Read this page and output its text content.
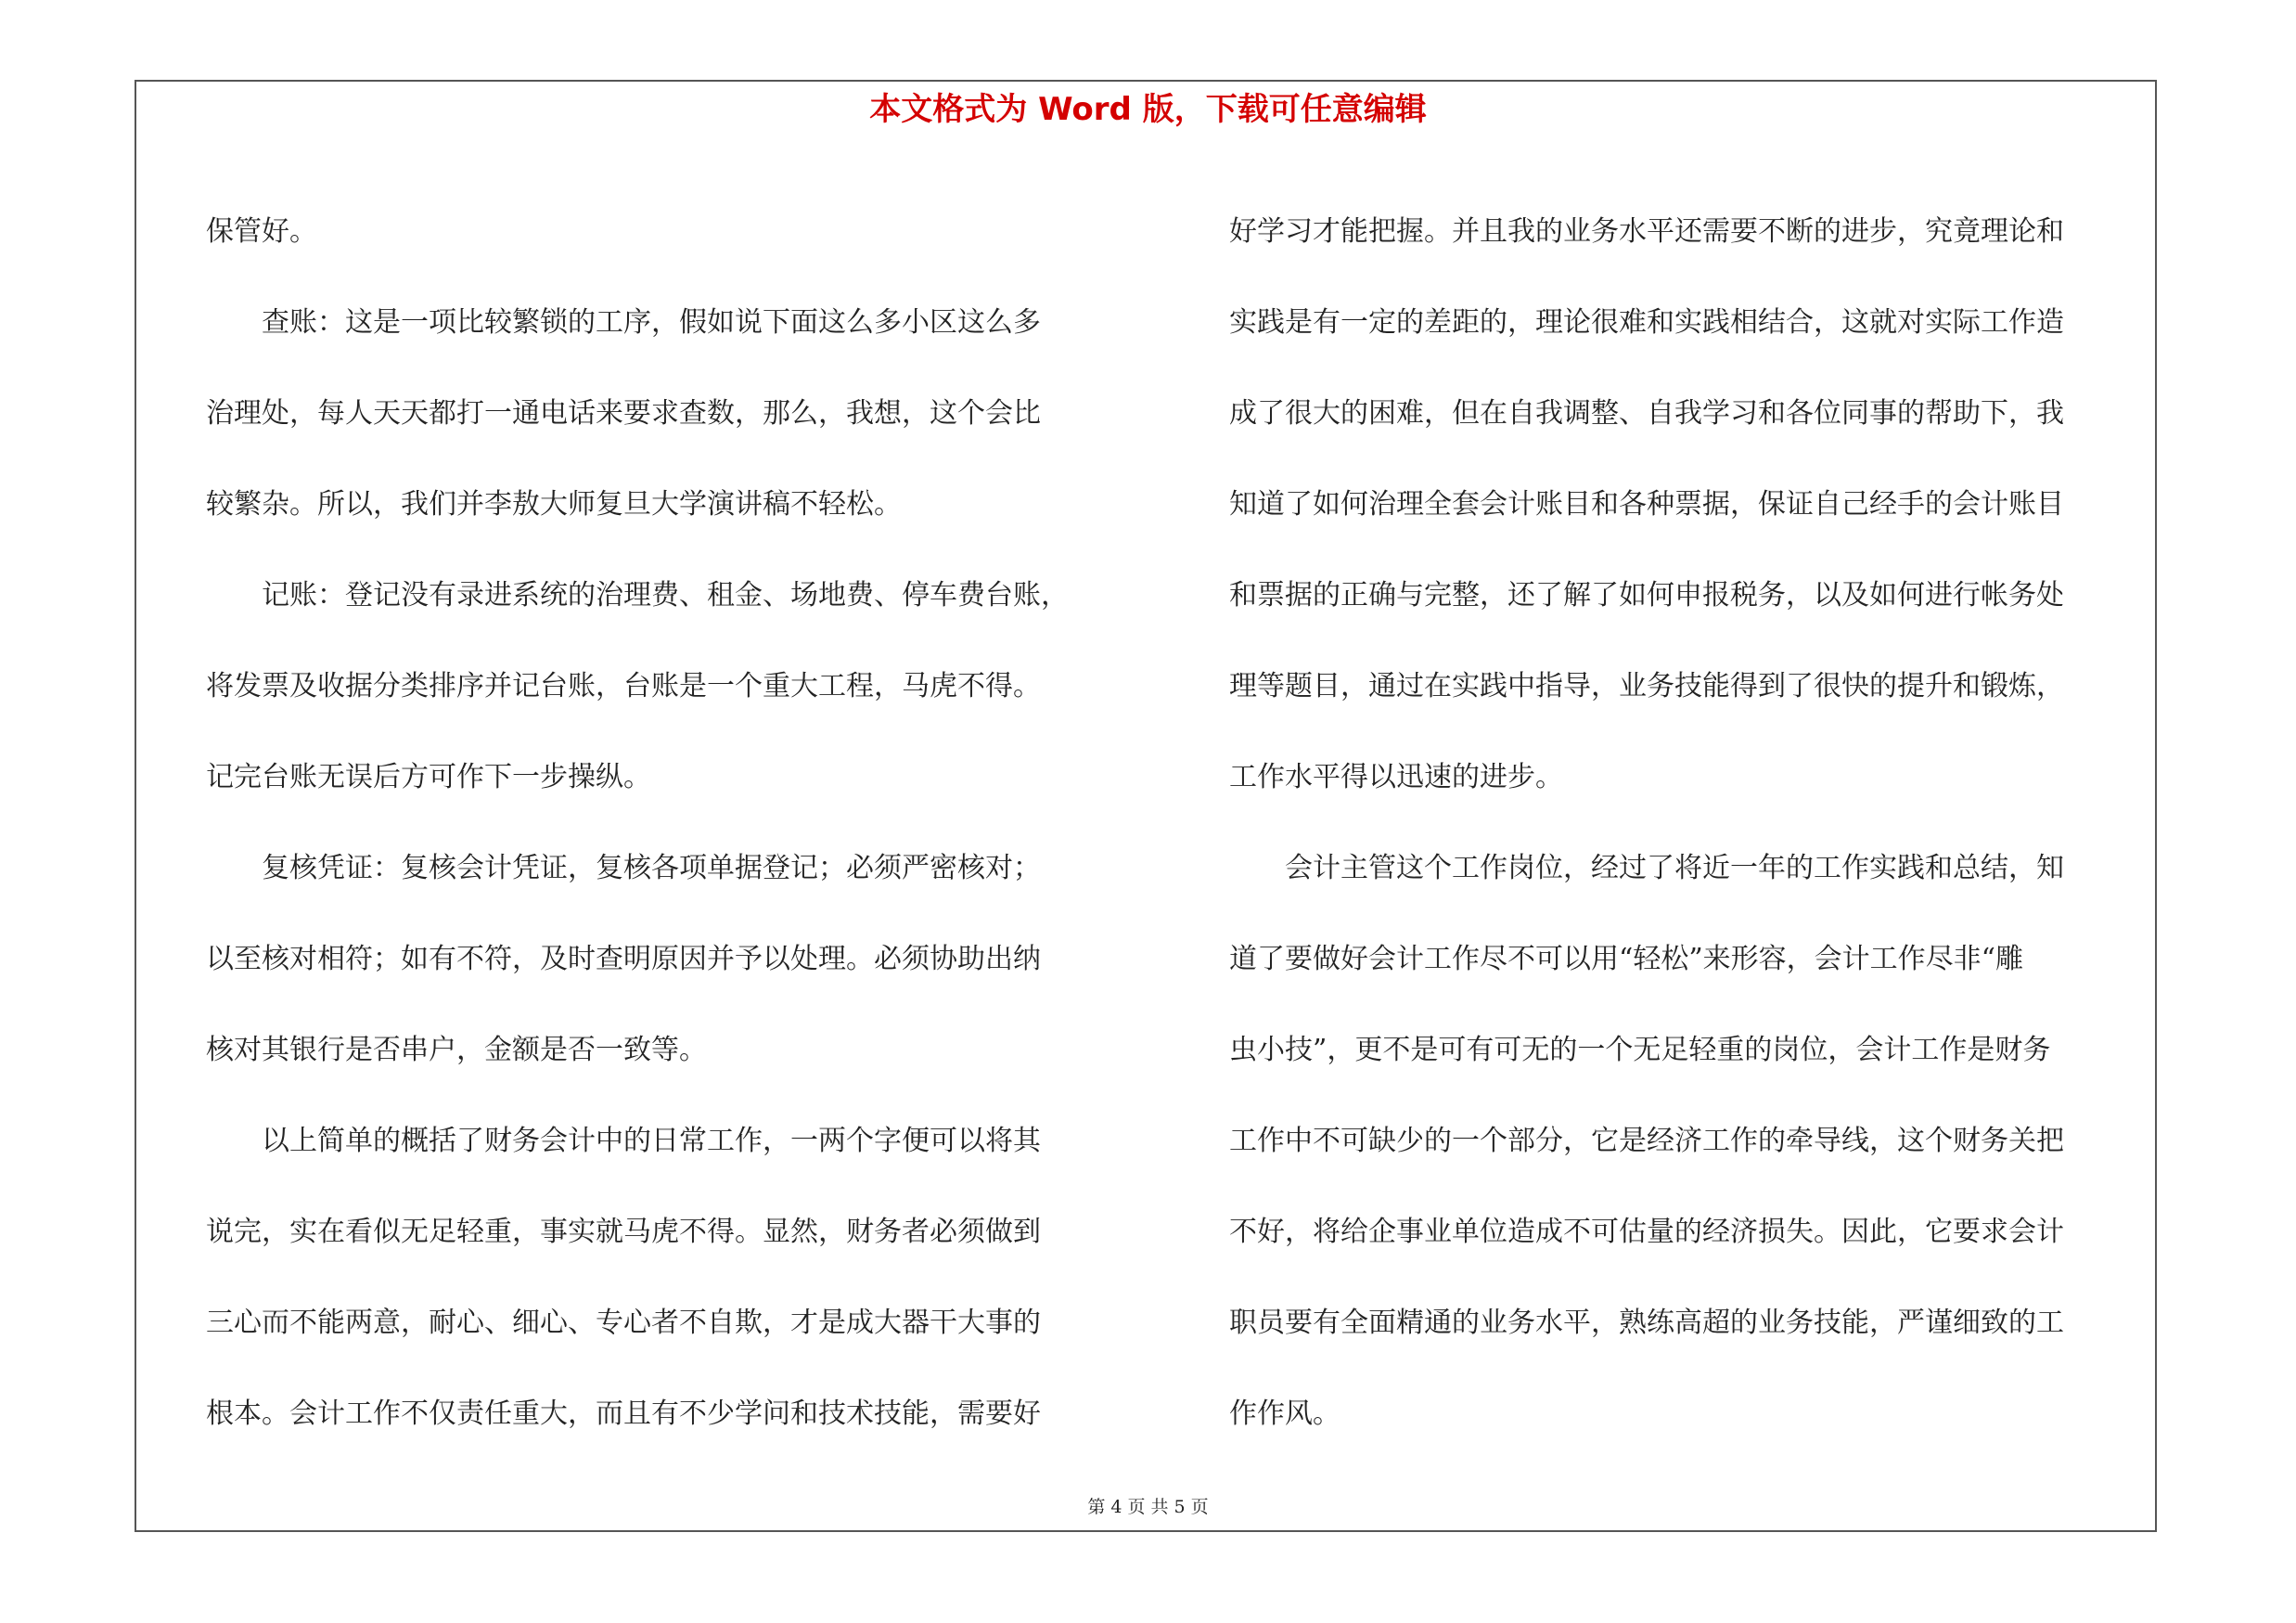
本文格式为 Word 版，下载可任意编辑
保管好。
　　查账：这是一项比较繁锁的工序，假如说下面这么多小区这么多
治理处，每人天天都打一通电话来要求查数，那么，我想，这个会比
较繁杂。所以，我们并李敖大师复旦大学演讲稿不轻松。
　　记账：登记没有录进系统的治理费、租金、场地费、停车费台账，
将发票及收据分类排序并记台账，台账是一个重大工程，马虎不得。
记完台账无误后方可作下一步操纵。
　　复核凭证：复核会计凭证，复核各项单据登记；必须严密核对；
以至核对相符；如有不符，及时查明原因并予以处理。必须协助出纳
核对其银行是否串户，金额是否一致等。
　　以上简单的概括了财务会计中的日常工作，一两个字便可以将其
说完，实在看似无足轻重，事实就马虎不得。显然，财务者必须做到
三心而不能两意，耐心、细心、专心者不自欺，才是成大器干大事的
根本。会计工作不仅责任重大，而且有不少学问和技术技能，需要好
好学习才能把握。并且我的业务水平还需要不断的进步，究竟理论和
实践是有一定的差距的，理论很难和实践相结合，这就对实际工作造
成了很大的困难，但在自我调整、自我学习和各位同事的帮助下，我
知道了如何治理全套会计账目和各种票据，保证自己经手的会计账目
和票据的正确与完整，还了解了如何申报税务，以及如何进行帐务处
理等题目，通过在实践中指导，业务技能得到了很快的提升和锻炼，
工作水平得以迅速的进步。
　　会计主管这个工作岗位，经过了将近一年的工作实践和总结，知
道了要做好会计工作尽不可以用“轻松”来形容，会计工作尽非“雕
虫小技”，更不是可有可无的一个无足轻重的岗位，会计工作是财务
工作中不可缺少的一个部分，它是经济工作的牵导线，这个财务关把
不好，将给企事业单位造成不可估量的经济损失。因此，它要求会计
职员要有全面精通的业务水平，熟练高超的业务技能，严谨细致的工
作作风。
第 4 页 共 5 页
